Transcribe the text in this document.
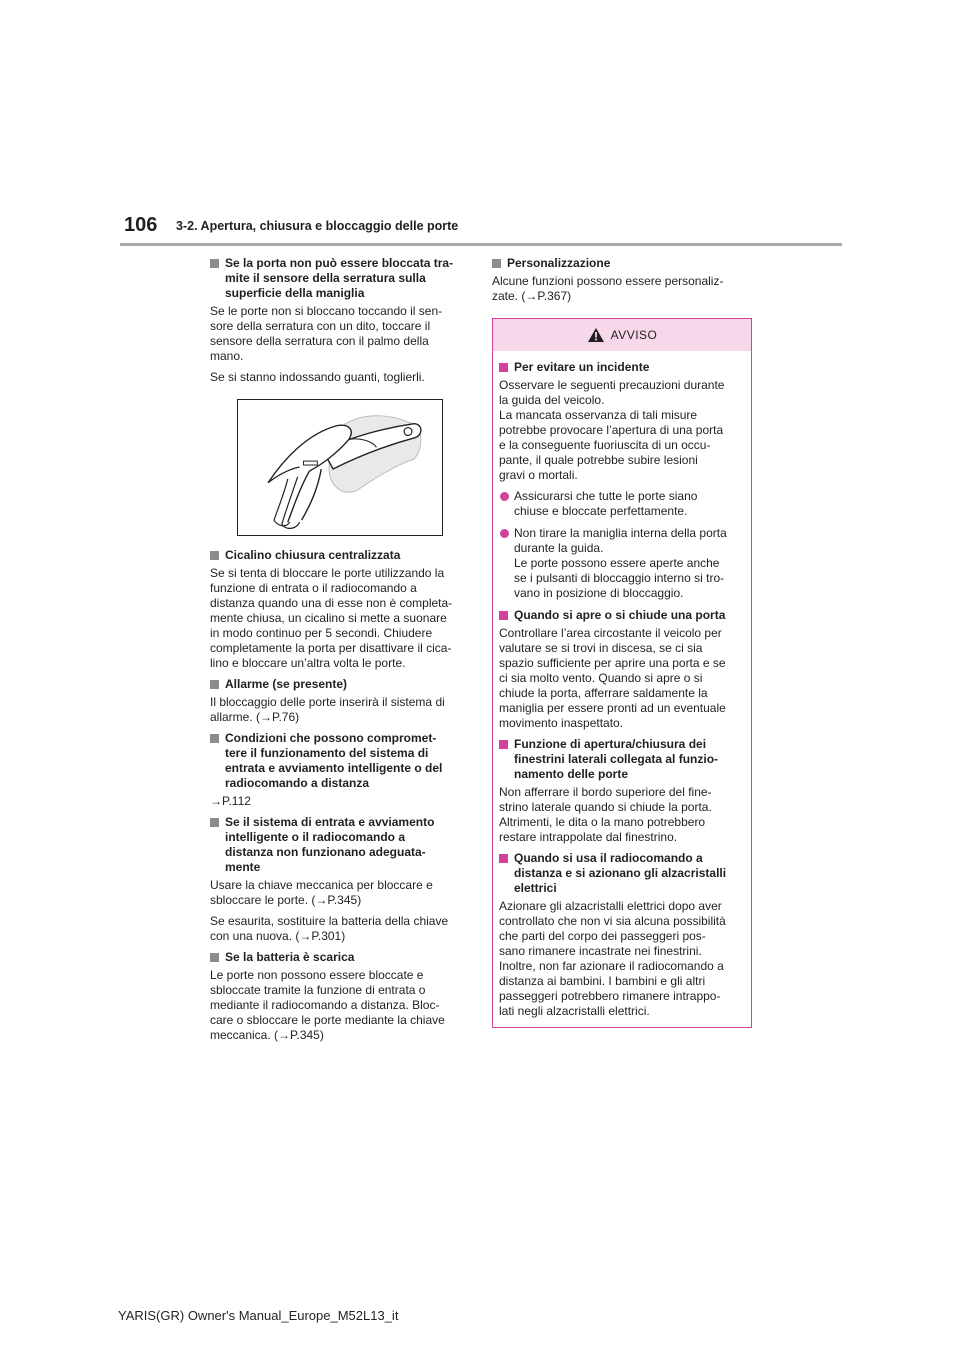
106 3-2. Apertura, chiusura e bloccaggio delle porte
Se la porta non può essere bloccata tra-
mite il sensore della serratura sulla
superficie della maniglia
Se le porte non si bloccano toccando il sen-
sore della serratura con un dito, toccare il
sensore della serratura con il palmo della
mano.
Se si stanno indossando guanti, toglierli.
Cicalino chiusura centralizzata
Se si tenta di bloccare le porte utilizzando la
funzione di entrata o il radiocomando a
distanza quando una di esse non è completa-
mente chiusa, un cicalino si mette a suonare
in modo continuo per 5 secondi. Chiudere
completamente la porta per disattivare il cica-
lino e bloccare un’altra volta le porte.
Allarme (se presente)
Il bloccaggio delle porte inserirà il sistema di
allarme. (→P.76)
Condizioni che possono compromet-
tere il funzionamento del sistema di
entrata e avviamento intelligente o del
radiocomando a distanza
→P.112
Se il sistema di entrata e avviamento
intelligente o il radiocomando a
distanza non funzionano adeguata-
mente
Usare la chiave meccanica per bloccare e
sbloccare le porte. (→P.345)
Se esaurita, sostituire la batteria della chiave
con una nuova. (→P.301)
Se la batteria è scarica
Le porte non possono essere bloccate e
sbloccate tramite la funzione di entrata o
mediante il radiocomando a distanza. Bloc-
care o sbloccare le porte mediante la chiave
meccanica. (→P.345)
Personalizzazione
Alcune funzioni possono essere personaliz-
zate. (→P.367)
AVVISO
Per evitare un incidente
Osservare le seguenti precauzioni durante
la guida del veicolo.
La mancata osservanza di tali misure
potrebbe provocare l’apertura di una porta
e la conseguente fuoriuscita di un occu-
pante, il quale potrebbe subire lesioni
gravi o mortali.
Assicurarsi che tutte le porte siano
chiuse e bloccate perfettamente.
Non tirare la maniglia interna della porta
durante la guida.
Le porte possono essere aperte anche
se i pulsanti di bloccaggio interno si tro-
vano in posizione di bloccaggio.
Quando si apre o si chiude una porta
Controllare l’area circostante il veicolo per
valutare se si trovi in discesa, se ci sia
spazio sufficiente per aprire una porta e se
ci sia molto vento. Quando si apre o si
chiude la porta, afferrare saldamente la
maniglia per essere pronti ad un eventuale
movimento inaspettato.
Funzione di apertura/chiusura dei
finestrini laterali collegata al funzio-
namento delle porte
Non afferrare il bordo superiore del fine-
strino laterale quando si chiude la porta.
Altrimenti, le dita o la mano potrebbero
restare intrappolate dal finestrino.
Quando si usa il radiocomando a
distanza e si azionano gli alzacristalli
elettrici
Azionare gli alzacristalli elettrici dopo aver
controllato che non vi sia alcuna possibilità
che parti del corpo dei passeggeri pos-
sano rimanere incastrate nei finestrini.
Inoltre, non far azionare il radiocomando a
distanza ai bambini. I bambini e gli altri
passeggeri potrebbero rimanere intrappo-
lati negli alzacristalli elettrici.
YARIS(GR) Owner's Manual_Europe_M52L13_it
